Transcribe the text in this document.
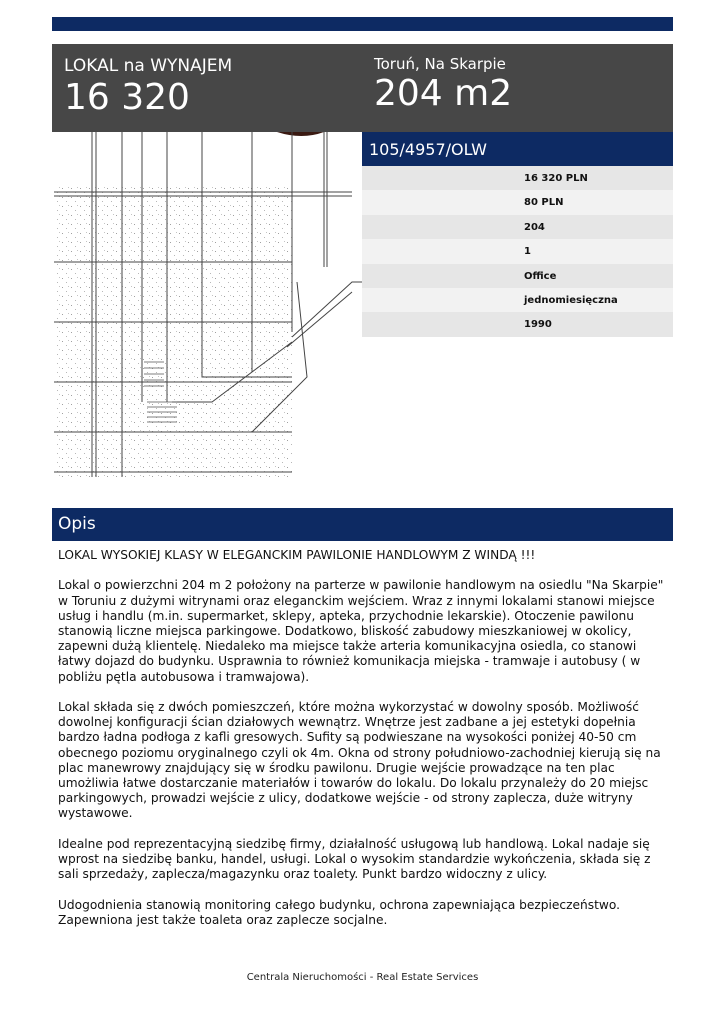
LOKAL na WYNAJEM
16 320
Toruń, Na Skarpie
204 m2
105/4957/OLW
16 320 PLN
80 PLN
204
1
Office
jednomiesięczna
1990
Opis

LOKAL WYSOKIEJ KLASY W ELEGANCKIM PAWILONIE HANDLOWYM Z WINDĄ !!!

Lokal o powierzchni 204 m 2 położony na parterze w pawilonie handlowym na osiedlu "Na Skarpie" w Toruniu z dużymi witrynami oraz eleganckim wejściem. Wraz z innymi lokalami stanowi miejsce usług i handlu (m.in. supermarket, sklepy, apteka, przychodnie lekarskie). Otoczenie pawilonu stanowią liczne miejsca parkingowe. Dodatkowo, bliskość zabudowy mieszkaniowej w okolicy, zapewni dużą klientelę. Niedaleko ma miejsce także arteria komunikacyjna osiedla, co stanowi łatwy dojazd do budynku. Usprawnia to również komunikacja miejska - tramwaje i autobusy ( w pobliżu pętla autobusowa i tramwajowa).

Lokal składa się z dwóch pomieszczeń, które można wykorzystać w dowolny sposób. Możliwość dowolnej konfiguracji ścian działowych wewnątrz. Wnętrze jest zadbane a jej estetyki dopełnia bardzo ładna podłoga z kafli gresowych. Sufity są podwieszane na wysokości poniżej 40-50 cm obecnego poziomu oryginalnego czyli ok 4m. Okna od strony południowo-zachodniej kierują się na plac manewrowy znajdujący się w środku pawilonu. Drugie wejście prowadzące na ten plac umożliwia łatwe dostarczanie materiałów i towarów do lokalu. Do lokalu przynależy do 20 miejsc parkingowych, prowadzi wejście z ulicy, dodatkowe wejście - od strony zaplecza, duże witryny wystawowe.

Idealne pod reprezentacyjną siedzibę firmy, działalność usługową lub handlową. Lokal nadaje się wprost na siedzibę banku, handel, usługi. Lokal o wysokim standardzie wykończenia, składa się z sali sprzedaży, zaplecza/magazynku oraz toalety. Punkt bardzo widoczny z ulicy.

Udogodnienia stanowią monitoring całego budynku, ochrona zapewniająca bezpieczeństwo. Zapewniona jest także toaleta oraz zaplecze socjalne.

Centrala Nieruchomości - Real Estate Services
